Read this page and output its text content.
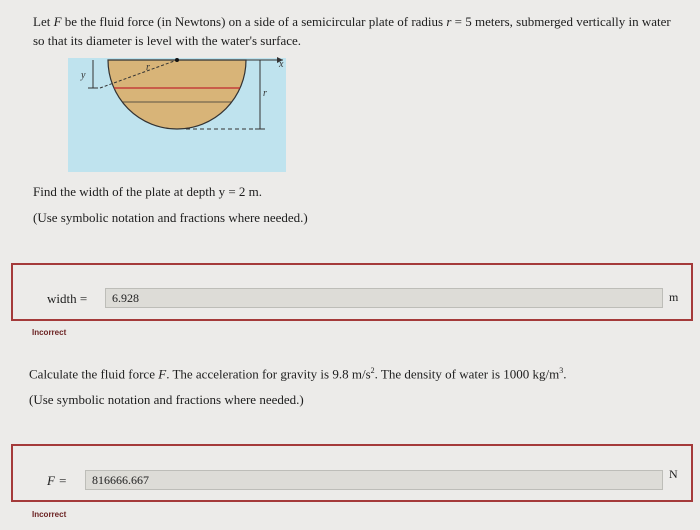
Let F be the fluid force (in Newtons) on a side of a semicircular plate of radius r = 5 meters, submerged vertically in water so that its diameter is level with the water's surface.
y
r
r
x
Find the width of the plate at depth y = 2 m.
(Use symbolic notation and fractions where needed.)
width =	6.928	m
Incorrect
Calculate the fluid force F. The acceleration for gravity is 9.8 $m/s^2$. The density of water is 1000 $kg/m^3$.
(Use symbolic notation and fractions where needed.)
F =	816666.667	N
Incorrect
